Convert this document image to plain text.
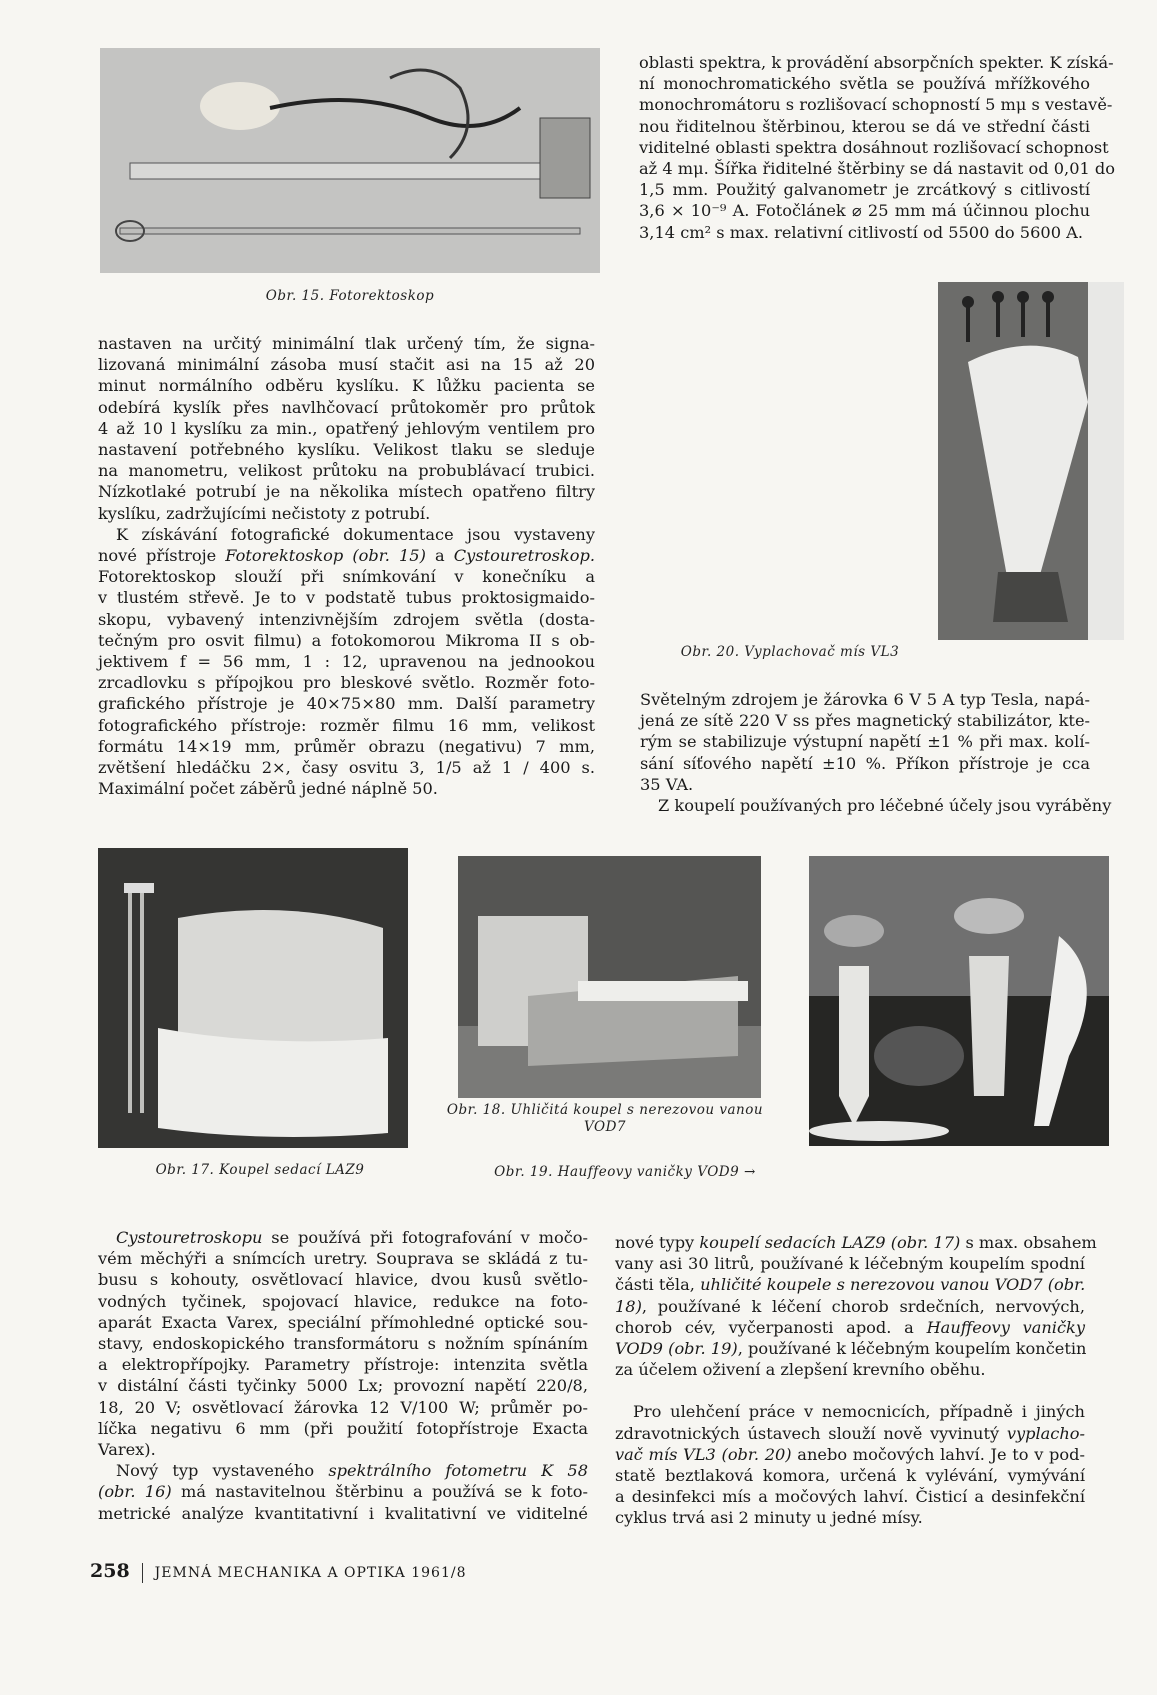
oblasti spektra, k provádění absorpčních spekter. K získá-
ní monochromatického světla se používá mřížkového
monochromátoru s rozlišovací schopností 5 mμ s vestavě-
nou řiditelnou štěrbinou, kterou se dá ve střední části
viditelné oblasti spektra dosáhnout rozlišovací schopnost
až 4 mμ. Šířka řiditelné štěrbiny se dá nastavit od 0,01 do
1,5 mm. Použitý galvanometr je zrcátkový s citlivostí
3,6 × 10⁻⁹ A. Fotočlánek ⌀ 25 mm má účinnou plochu
3,14 cm² s max. relativní citlivostí od 5500 do 5600 A.
Obr. 15. Fotorektoskop
nastaven na určitý minimální tlak určený tím, že signa-
lizovaná minimální zásoba musí stačit asi na 15 až 20
minut normálního odběru kyslíku. K lůžku pacienta se
odebírá kyslík přes navlhčovací průtokoměr pro průtok
4 až 10 l kyslíku za min., opatřený jehlovým ventilem pro
nastavení potřebného kyslíku. Velikost tlaku se sleduje
na manometru, velikost průtoku na probublávací trubici.
Nízkotlaké potrubí je na několika místech opatřeno filtry
kyslíku, zadržujícími nečistoty z potrubí.
K získávání fotografické dokumentace jsou vystaveny
nové přístroje Fotorektoskop (obr. 15) a Cystouretroskop.
Fotorektoskop slouží při snímkování v konečníku a
v tlustém střevě. Je to v podstatě tubus proktosigmaido-
skopu, vybavený intenzivnějším zdrojem světla (dosta-
tečným pro osvit filmu) a fotokomorou Mikroma II s ob-
jektivem f = 56 mm, 1 : 12, upravenou na jednookou
zrcadlovku s přípojkou pro bleskové světlo. Rozměr foto-
grafického přístroje je 40×75×80 mm. Další parametry
fotografického přístroje: rozměr filmu 16 mm, velikost
formátu 14×19 mm, průměr obrazu (negativu) 7 mm,
zvětšení hledáčku 2×, časy osvitu 3, 1/5 až 1 / 400 s.
Maximální počet záběrů jedné náplně 50.
Obr. 20. Vyplachovač mís VL3
Světelným zdrojem je žárovka 6 V 5 A typ Tesla, napá-
jená ze sítě 220 V ss přes magnetický stabilizátor, kte-
rým se stabilizuje výstupní napětí ±1 % při max. kolí-
sání síťového napětí ±10 %. Příkon přístroje je cca
35 VA.
Z koupelí používaných pro léčebné účely jsou vyráběny
Obr. 18. Uhličitá koupel s nerezovou vanou VOD7
Obr. 17. Koupel sedací LAZ9	Obr. 19. Hauffeovy vaničky VOD9 →
Cystouretroskopu se používá při fotografování v močo-
vém měchýři a snímcích uretry. Souprava se skládá z tu-
busu s kohouty, osvětlovací hlavice, dvou kusů světlo-
vodných tyčinek, spojovací hlavice, redukce na foto-
aparát Exacta Varex, speciální přímohledné optické sou-
stavy, endoskopického transformátoru s nožním spínáním
a elektropřípojky. Parametry přístroje: intenzita světla
v distální části tyčinky 5000 Lx; provozní napětí 220/8,
18, 20 V; osvětlovací žárovka 12 V/100 W; průměr po-
líčka negativu 6 mm (při použití fotopřístroje Exacta
Varex).
Nový typ vystaveného spektrálního fotometru K 58
(obr. 16) má nastavitelnou štěrbinu a používá se k foto-
metrické analýze kvantitativní i kvalitativní ve viditelné
nové typy koupelí sedacích LAZ9 (obr. 17) s max. obsahem
vany asi 30 litrů, používané k léčebným koupelím spodní
části těla, uhličité koupele s nerezovou vanou VOD7 (obr.
18), používané k léčení chorob srdečních, nervových,
chorob cév, vyčerpanosti apod. a Hauffeovy vaničky
VOD9 (obr. 19), používané k léčebným koupelím končetin
za účelem oživení a zlepšení krevního oběhu.
Pro ulehčení práce v nemocnicích, případně i jiných
zdravotnických ústavech slouží nově vyvinutý vyplacho-
vač mís VL3 (obr. 20) anebo močových lahví. Je to v pod-
statě beztlaková komora, určená k vylévání, vymývání
a desinfekci mís a močových lahví. Čisticí a desinfekční
cyklus trvá asi 2 minuty u jedné mísy.
258 JEMNÁ MECHANIKA A OPTIKA 1961/8
